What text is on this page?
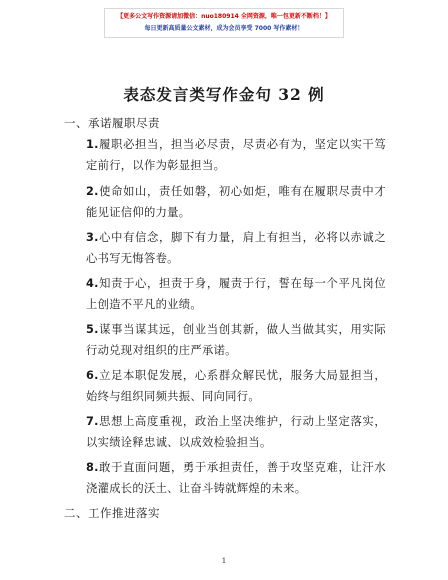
【更多公文写作资源请加微信：nuo180914 全网资源，唯一包更新不断档！】
每日更新高质量公文素材，成为会员享受 7000 写作素材！
表态发言类写作金句 32 例
一、承诺履职尽责
1.履职必担当，担当必尽责，尽责必有为，坚定以实干笃定前行，以作为彰显担当。
2.使命如山，责任如磐，初心如炬，唯有在履职尽责中才能见证信仰的力量。
3.心中有信念，脚下有力量，肩上有担当，必将以赤诚之心书写无悔答卷。
4.知责于心，担责于身，履责于行，誓在每一个平凡岗位上创造不平凡的业绩。
5.谋事当谋其远，创业当创其新，做人当做其实，用实际行动兑现对组织的庄严承诺。
6.立足本职促发展，心系群众解民忧，服务大局显担当，始终与组织同频共振、同向同行。
7.思想上高度重视，政治上坚决维护，行动上坚定落实，以实绩诠释忠诚、以成效检验担当。
8.敢于直面问题，勇于承担责任，善于攻坚克难，让汗水浇灌成长的沃土、让奋斗铸就辉煌的未来。
二、工作推进落实
1
